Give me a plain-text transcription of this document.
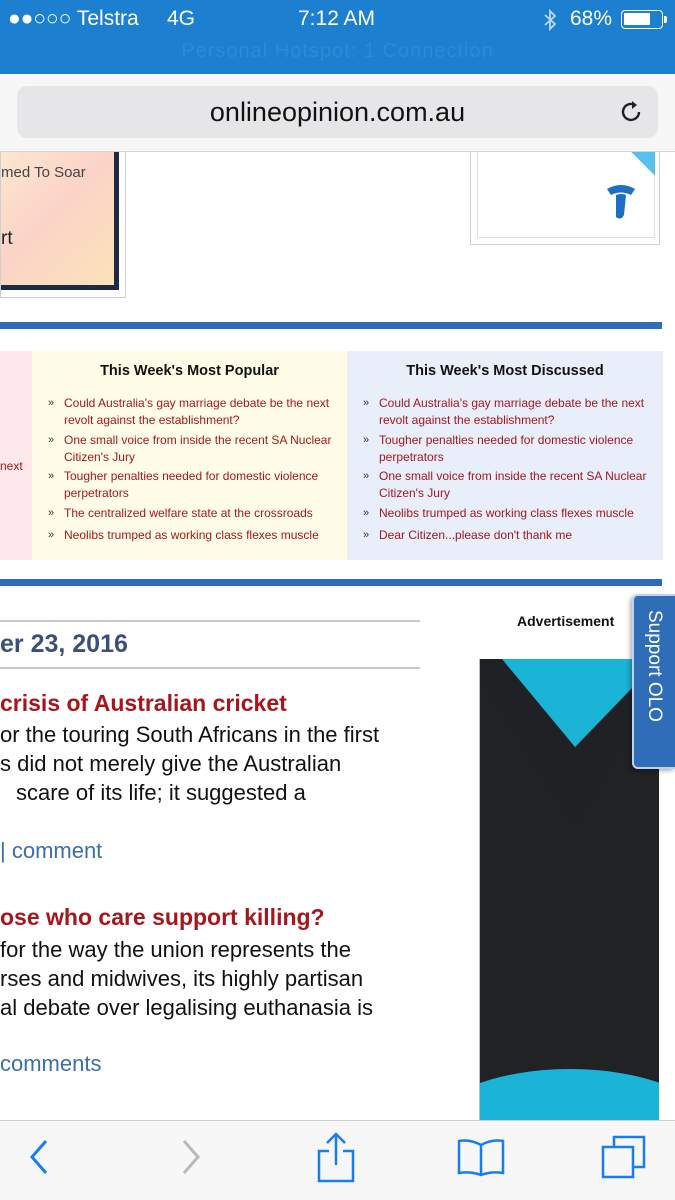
●●○○○ Telstra 4G	7:12 AM	68%
Personal Hotspot: 1 Connection
onlineopinion.com.au
med To Soar
rt
next
This Week's Most Popular
» Could Australia's gay marriage debate be the next revolt against the establishment?
» One small voice from inside the recent SA Nuclear Citizen's Jury
» Tougher penalties needed for domestic violence perpetrators
» The centralized welfare state at the crossroads
» Neolibs trumped as working class flexes muscle
This Week's Most Discussed
» Could Australia's gay marriage debate be the next revolt against the establishment?
» Tougher penalties needed for domestic violence perpetrators
» One small voice from inside the recent SA Nuclear Citizen's Jury
» Neolibs trumped as working class flexes muscle
» Dear Citizen...please don't thank me
er 23, 2016
crisis of Australian cricket
or the touring South Africans in the first
s did not merely give the Australian
scare of its life; it suggested a
| comment
ose who care support killing?
for the way the union represents the
rses and midwives, its highly partisan
al debate over legalising euthanasia is
comments
Advertisement Support OLO
